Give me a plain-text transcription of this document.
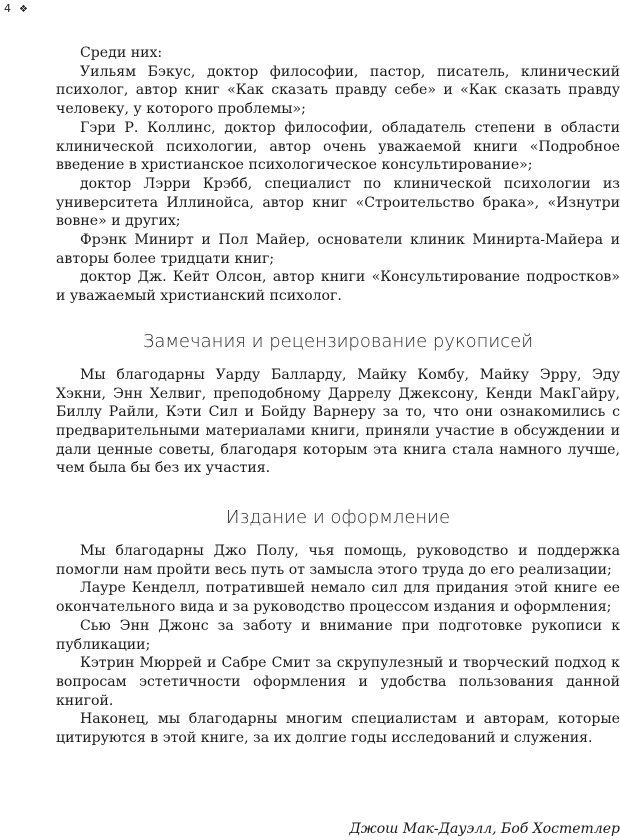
4 ❖

Среди них:

Уильям Бэкус, доктор философии, пастор, писатель, клинический психолог, автор книг «Как сказать правду себе» и «Как сказать правду человеку, у которого проблемы»;

Гэри Р. Коллинс, доктор философии, обладатель степени в области клинической психологии, автор очень уважаемой книги «Подробное введение в христианское психологическое консультирование»;

доктор Лэрри Крэбб, специалист по клинической психологии из университета Иллинойса, автор книг «Строительство брака», «Изнутри вовне» и других;

Фрэнк Минирт и Пол Майер, основатели клиник Минирта-Майера и авторы более тридцати книг;

доктор Дж. Кейт Олсон, автор книги «Консультирование подростков» и уважаемый христианский психолог.

Замечания и рецензирование рукописей

Мы благодарны Уарду Балларду, Майку Комбу, Майку Эрру, Эду Хэкни, Энн Хелвиг, преподобному Даррелу Джексону, Кенди МакГайру, Биллу Райли, Кэти Сил и Бойду Варнеру за то, что они ознакомились с предварительными материалами книги, приняли участие в обсуждении и дали ценные советы, благодаря которым эта книга стала намного лучше, чем была бы без их участия.

Издание и оформление

Мы благодарны Джо Полу, чья помощь, руководство и поддержка помогли нам пройти весь путь от замысла этого труда до его реализации;

Лауре Кенделл, потратившей немало сил для придания этой книге ее окончательного вида и за руководство процессом издания и оформления;

Сью Энн Джонс за заботу и внимание при подготовке рукописи к публикации;

Кэтрин Мюррей и Сабре Смит за скрупулезный и творческий подход к вопросам эстетичности оформления и удобства пользования данной книгой.

Наконец, мы благодарны многим специалистам и авторам, которые цитируются в этой книге, за их долгие годы исследований и служения.

Джош Мак-Дауэлл, Боб Хостетлер
